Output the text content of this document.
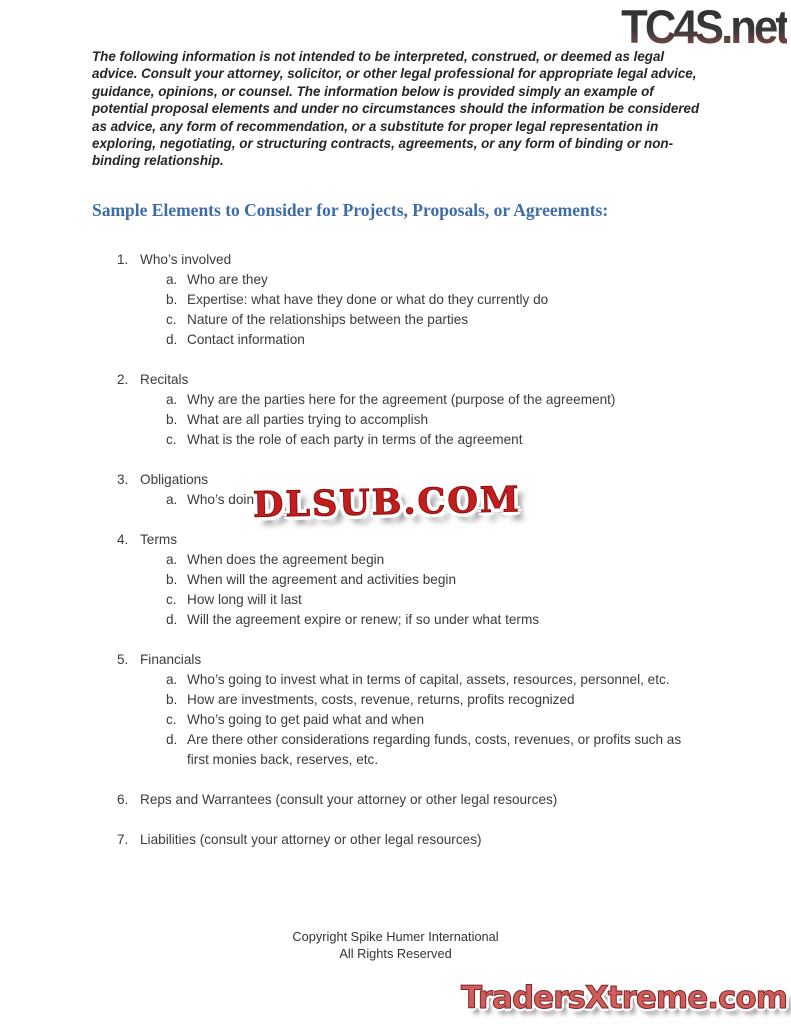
TC4S.net
The following information is not intended to be interpreted, construed, or deemed as legal advice. Consult your attorney, solicitor, or other legal professional for appropriate legal advice, guidance, opinions, or counsel. The information below is provided simply an example of potential proposal elements and under no circumstances should the information be considered as advice, any form of recommendation, or a substitute for proper legal representation in exploring, negotiating, or structuring contracts, agreements, or any form of binding or non-binding relationship.
Sample Elements to Consider for Projects, Proposals, or Agreements:
1. Who’s involved
a. Who are they
b. Expertise: what have they done or what do they currently do
c. Nature of the relationships between the parties
d. Contact information
2. Recitals
a. Why are the parties here for the agreement (purpose of the agreement)
b. What are all parties trying to accomplish
c. What is the role of each party in terms of the agreement
3. Obligations
a. Who’s doing
4. Terms
a. When does the agreement begin
b. When will the agreement and activities begin
c. How long will it last
d. Will the agreement expire or renew; if so under what terms
5. Financials
a. Who’s going to invest what in terms of capital, assets, resources, personnel, etc.
b. How are investments, costs, revenue, returns, profits recognized
c. Who’s going to get paid what and when
d. Are there other considerations regarding funds, costs, revenues, or profits such as first monies back, reserves, etc.
6. Reps and Warrantees (consult your attorney or other legal resources)
7. Liabilities (consult your attorney or other legal resources)
DLSUB.COM
Copyright Spike Humer International
All Rights Reserved
TradersXtreme.com
